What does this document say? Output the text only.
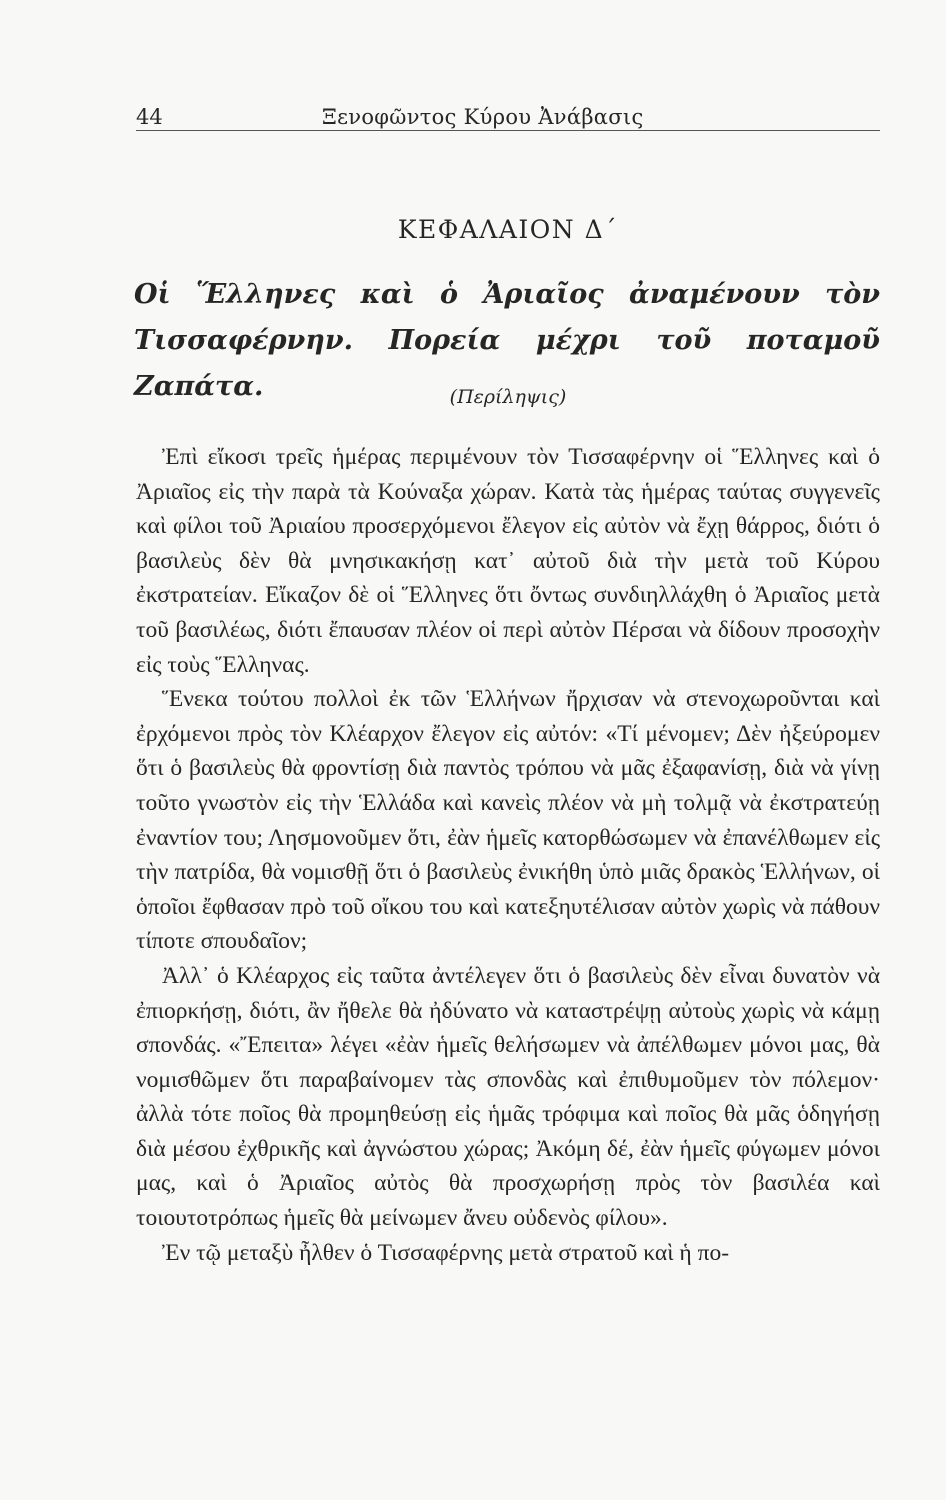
44	Ξενοφῶντος Κύρου Ἀνάβασις
ΚΕΦΑΛΑΙΟΝ Δ΄
Οἱ Ἕλληνες καὶ ὁ Ἀριαῖος ἀναμένουν τὸν Τισσαφέρνην. Πορεία μέχρι τοῦ ποταμοῦ Ζαπάτα.	(Περίληψις)

Ἐπὶ εἴκοσι τρεῖς ἡμέρας περιμένουν τὸν Τισσαφέρνην οἱ Ἕλληνες καὶ ὁ Ἀριαῖος εἰς τὴν παρὰ τὰ Κούναξα χώραν. Κατὰ τὰς ἡμέρας ταύτας συγγενεῖς καὶ φίλοι τοῦ Ἀριαίου προσερχόμενοι ἔλεγον εἰς αὐτὸν νὰ ἔχῃ θάρρος, διότι ὁ βασιλεὺς δὲν θὰ μνησικακήσῃ κατ᾿ αὐτοῦ διὰ τὴν μετὰ τοῦ Κύρου ἐκστρατείαν. Εἴκαζον δὲ οἱ Ἕλληνες ὅτι ὄντως συνδιηλλάχθη ὁ Ἀριαῖος μετὰ τοῦ βασιλέως, διότι ἔπαυσαν πλέον οἱ περὶ αὐτὸν Πέρσαι νὰ δίδουν προσοχὴν εἰς τοὺς Ἕλληνας.

Ἕνεκα τούτου πολλοὶ ἐκ τῶν Ἑλλήνων ἤρχισαν νὰ στενοχωροῦνται καὶ ἐρχόμενοι πρὸς τὸν Κλέαρχον ἔλεγον εἰς αὐτόν: «Τί μένομεν; Δὲν ἠξεύρομεν ὅτι ὁ βασιλεὺς θὰ φροντίσῃ διὰ παντὸς τρόπου νὰ μᾶς ἐξαφανίσῃ, διὰ νὰ γίνῃ τοῦτο γνωστὸν εἰς τὴν Ἑλλάδα καὶ κανεὶς πλέον νὰ μὴ τολμᾷ νὰ ἐκστρατεύῃ ἐναντίον του; Λησμονοῦμεν ὅτι, ἐὰν ἡμεῖς κατορθώσωμεν νὰ ἐπανέλθωμεν εἰς τὴν πατρίδα, θὰ νομισθῇ ὅτι ὁ βασιλεὺς ἐνικήθη ὑπὸ μιᾶς δρακὸς Ἑλλήνων, οἱ ὁποῖοι ἔφθασαν πρὸ τοῦ οἴκου του καὶ κατεξηυτέλισαν αὐτὸν χωρὶς νὰ πάθουν τίποτε σπουδαῖον;

Ἀλλ᾿ ὁ Κλέαρχος εἰς ταῦτα ἀντέλεγεν ὅτι ὁ βασιλεὺς δὲν εἶναι δυνατὸν νὰ ἐπιορκήσῃ, διότι, ἂν ἤθελε θὰ ἠδύνατο νὰ καταστρέψῃ αὐτοὺς χωρὶς νὰ κάμῃ σπονδάς. «Ἔπειτα» λέγει «ἐὰν ἡμεῖς θελήσωμεν νὰ ἀπέλθωμεν μόνοι μας, θὰ νομισθῶμεν ὅτι παραβαίνομεν τὰς σπονδὰς καὶ ἐπιθυμοῦμεν τὸν πόλεμον· ἀλλὰ τότε ποῖος θὰ προμηθεύσῃ εἰς ἡμᾶς τρόφιμα καὶ ποῖος θὰ μᾶς ὁδηγήσῃ διὰ μέσου ἐχθρικῆς καὶ ἀγνώστου χώρας; Ἀκόμη δέ, ἐὰν ἡμεῖς φύγωμεν μόνοι μας, καὶ ὁ Ἀριαῖος αὐτὸς θὰ προσχωρήσῃ πρὸς τὸν βασιλέα καὶ τοιουτοτρόπως ἡμεῖς θὰ μείνωμεν ἄνευ οὐδενὸς φίλου».

Ἐν τῷ μεταξὺ ἦλθεν ὁ Τισσαφέρνης μετὰ στρατοῦ καὶ ἡ πο-
